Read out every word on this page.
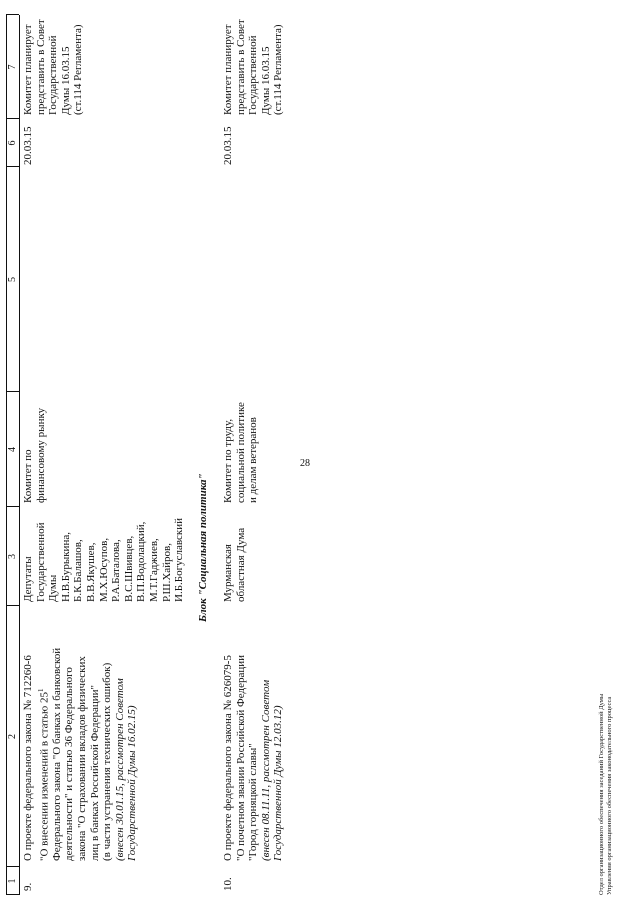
28
1
2
3
4
5
6
7
9.
О проекте федерального закона № 712260-6 "О внесении изменений в статью $25^1$ Федерального закона "О банках и банковской деятельности" и статью 36 Федерального закона "О страховании вкладов физических лиц в банках Российской Федерации" (в части устранения технических ошибок) (внесен 30.01.15, рассмотрен Советом Государственной Думы 16.02.15)
Депутаты Государственной Думы Н.В.Бурыкина, Б.К.Балашов, В.В.Якушев, М.Х.Юсупов, Р.А.Баталова, В.С.Швивцев, В.П.Водолацкий, М.Т.Гаджиев, Р.Ш.Хайров, И.Б.Богуславский
Комитет по финансовому рынку
20.03.15
Комитет планирует представить в Совет Государственной Думы 16.03.15 (ст.114 Регламента)
Блок "Социальная политика"
10.
О проекте федерального закона № 626079-5 "О почетном звании Российской Федерации "Город горняцкой славы" (внесен 08.11.11, рассмотрен Советом Государственной Думы 12.03.12)
Мурманская областная Дума
Комитет по труду, социальной политике и делам ветеранов
20.03.15
Комитет планирует представить в Совет Государственной Думы 16.03.15 (ст.114 Регламента)
Отдел организационного обеспечения заседаний Государственной Думы Управления организационного обеспечения законодательного процесса
